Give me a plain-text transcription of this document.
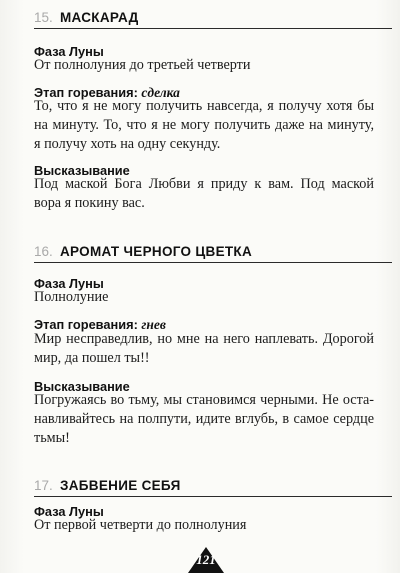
15. МАСКАРАД
Фаза Луны
От полнолуния до третьей четверти
Этап горевания: сделка
То, что я не могу получить навсегда, я получу хотя бы
на минуту. То, что я не могу получить даже на минуту,
я получу хоть на одну секунду.
Высказывание
Под маской Бога Любви я приду к вам. Под маской
вора я покину вас.
16. АРОМАТ ЧЕРНОГО ЦВЕТКА
Фаза Луны
Полнолуние
Этап горевания: гнев
Мир несправедлив, но мне на него наплевать. Дорогой
мир, да пошел ты!!
Высказывание
Погружаясь во тьму, мы становимся черными. Не оста-
навливайтесь на полпути, идите вглубь, в самое сердце
тьмы!
17. ЗАБВЕНИЕ СЕБЯ
Фаза Луны
От первой четверти до полнолуния
121
